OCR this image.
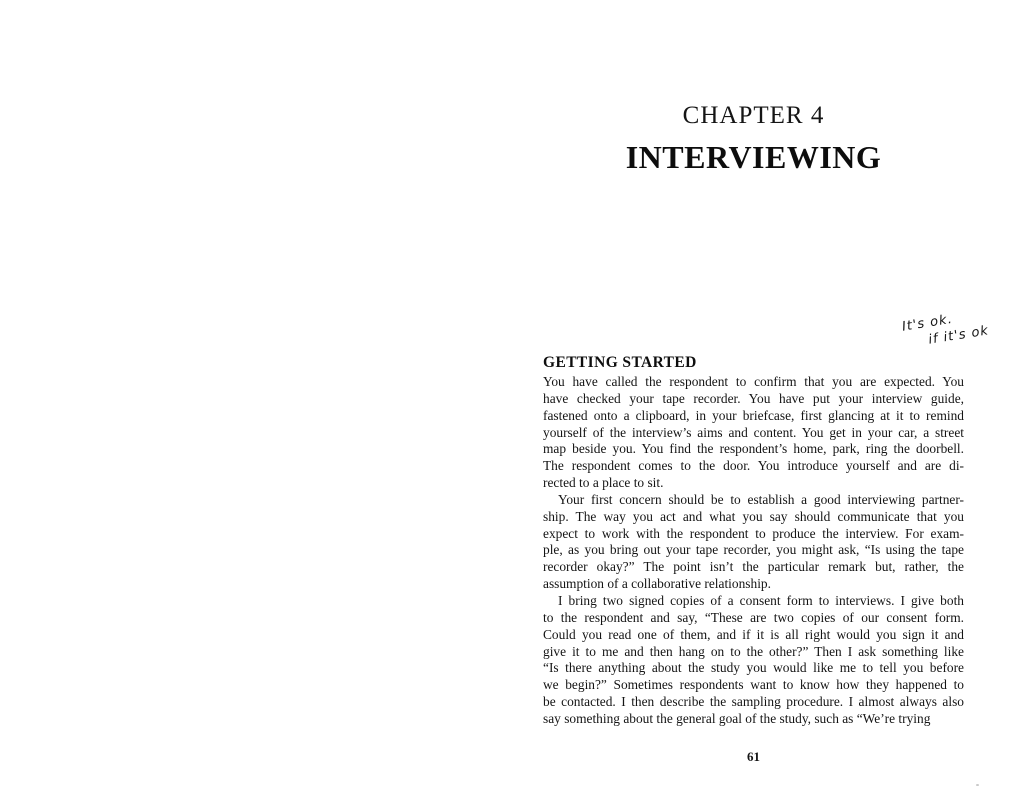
CHAPTER 4
INTERVIEWING
It's ok.
if it's ok
GETTING STARTED
You have called the respondent to confirm that you are expected. You
have checked your tape recorder. You have put your interview guide,
fastened onto a clipboard, in your briefcase, first glancing at it to remind
yourself of the interview’s aims and content. You get in your car, a street
map beside you. You find the respondent’s home, park, ring the doorbell.
The respondent comes to the door. You introduce yourself and are di-
rected to a place to sit.
Your first concern should be to establish a good interviewing partner-
ship. The way you act and what you say should communicate that you
expect to work with the respondent to produce the interview. For exam-
ple, as you bring out your tape recorder, you might ask, “Is using the tape
recorder okay?” The point isn’t the particular remark but, rather, the
assumption of a collaborative relationship.
I bring two signed copies of a consent form to interviews. I give both
to the respondent and say, “These are two copies of our consent form.
Could you read one of them, and if it is all right would you sign it and
give it to me and then hang on to the other?” Then I ask something like
“Is there anything about the study you would like me to tell you before
we begin?” Sometimes respondents want to know how they happened to
be contacted. I then describe the sampling procedure. I almost always also
say something about the general goal of the study, such as “We’re trying
61
